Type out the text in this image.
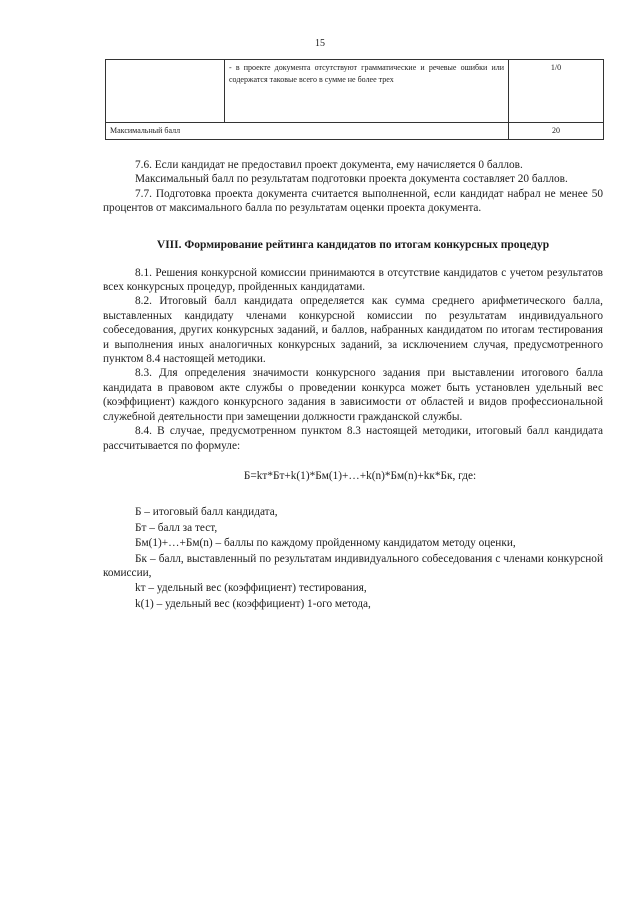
15
	- в проекте документа отсутствуют грамматические и речевые ошибки или содержатся таковые всего в сумме не более трех	1/0
Максимальный балл		20

7.6. Если кандидат не предоставил проект документа, ему начисляется 0 баллов.

Максимальный балл по результатам подготовки проекта документа составляет 20 баллов.

7.7. Подготовка проекта документа считается выполненной, если кандидат набрал не менее 50 процентов от максимального балла по результатам оценки проекта документа.

VIII. Формирование рейтинга кандидатов по итогам конкурсных процедур

8.1. Решения конкурсной комиссии принимаются в отсутствие кандидатов с учетом результатов всех конкурсных процедур, пройденных кандидатами.

8.2. Итоговый балл кандидата определяется как сумма среднего арифметического балла, выставленных кандидату членами конкурсной комиссии по результатам индивидуального собеседования, других конкурсных заданий, и баллов, набранных кандидатом по итогам тестирования и выполнения иных аналогичных конкурсных заданий, за исключением случая, предусмотренного пунктом 8.4 настоящей методики.

8.3. Для определения значимости конкурсного задания при выставлении итогового балла кандидата в правовом акте службы о проведении конкурса может быть установлен удельный вес (коэффициент) каждого конкурсного задания в зависимости от областей и видов профессиональной служебной деятельности при замещении должности гражданской службы.

8.4. В случае, предусмотренном пунктом 8.3 настоящей методики, итоговый балл кандидата рассчитывается по формуле:

Б=kт*Бт+k(1)*Бм(1)+…+k(n)*Бм(n)+kк*Бк, где:

Б – итоговый балл кандидата,

Бт – балл за тест,

Бм(1)+…+Бм(n) – баллы по каждому пройденному кандидатом методу оценки,

Бк – балл, выставленный по результатам индивидуального собеседования с членами конкурсной комиссии,

kт – удельный вес (коэффициент) тестирования,

k(1) – удельный вес (коэффициент) 1-ого метода,
